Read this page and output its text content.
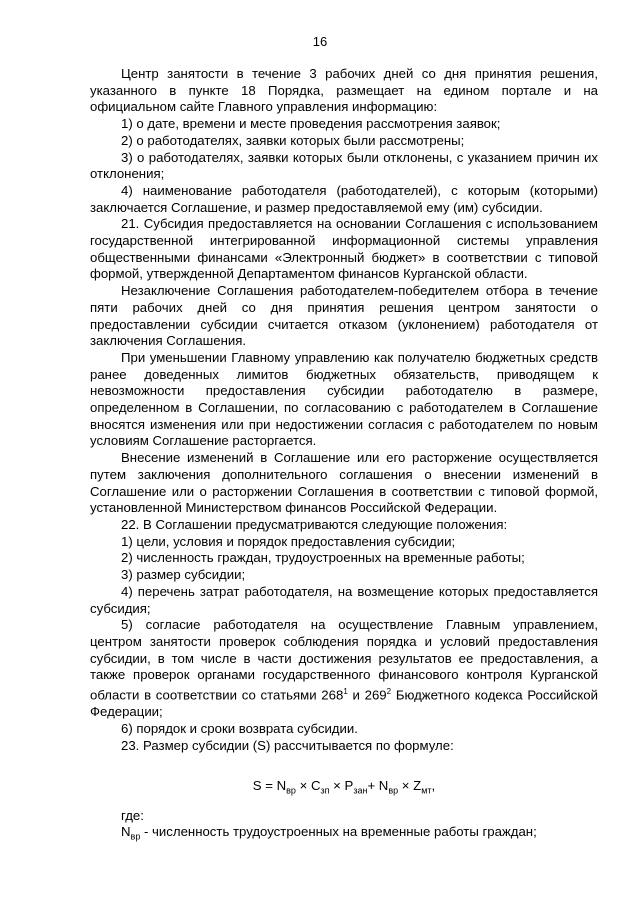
16

Центр занятости в течение 3 рабочих дней со дня принятия решения, указанного в пункте 18 Порядка, размещает на едином портале и на официальном сайте Главного управления информацию:

1) о дате, времени и месте проведения рассмотрения заявок;

2) о работодателях, заявки которых были рассмотрены;

3) о работодателях, заявки которых были отклонены, с указанием причин их отклонения;

4) наименование работодателя (работодателей), с которым (которыми) заключается Соглашение, и размер предоставляемой ему (им) субсидии.

21. Субсидия предоставляется на основании Соглашения с использованием государственной интегрированной информационной системы управления общественными финансами «Электронный бюджет» в соответствии с типовой формой, утвержденной Департаментом финансов Курганской области.

Незаключение Соглашения работодателем-победителем отбора в течение пяти рабочих дней со дня принятия решения центром занятости о предоставлении субсидии считается отказом (уклонением) работодателя от заключения Соглашения.

При уменьшении Главному управлению как получателю бюджетных средств ранее доведенных лимитов бюджетных обязательств, приводящем к невозможности предоставления субсидии работодателю в размере, определенном в Соглашении, по согласованию с работодателем в Соглашение вносятся изменения или при недостижении согласия с работодателем по новым условиям Соглашение расторгается.

Внесение изменений в Соглашение или его расторжение осуществляется путем заключения дополнительного соглашения о внесении изменений в Соглашение или о расторжении Соглашения в соответствии с типовой формой, установленной Министерством финансов Российской Федерации.

22. В Соглашении предусматриваются следующие положения:

1) цели, условия и порядок предоставления субсидии;

2) численность граждан, трудоустроенных на временные работы;

3) размер субсидии;

4) перечень затрат работодателя, на возмещение которых предоставляется субсидия;

5) согласие работодателя на осуществление Главным управлением, центром занятости проверок соблюдения порядка и условий предоставления субсидии, в том числе в части достижения результатов ее предоставления, а также проверок органами государственного финансового контроля Курганской области в соответствии со статьями $268^1$ и $269^2$ Бюджетного кодекса Российской Федерации;

6) порядок и сроки возврата субсидии.

23. Размер субсидии (S) рассчитывается по формуле:

$S = N_{вр} \times C_{зп} \times P_{зан}+ N_{вр} \times Z_{мт}$,

где:

$N_{вр}$ - численность трудоустроенных на временные работы граждан;
